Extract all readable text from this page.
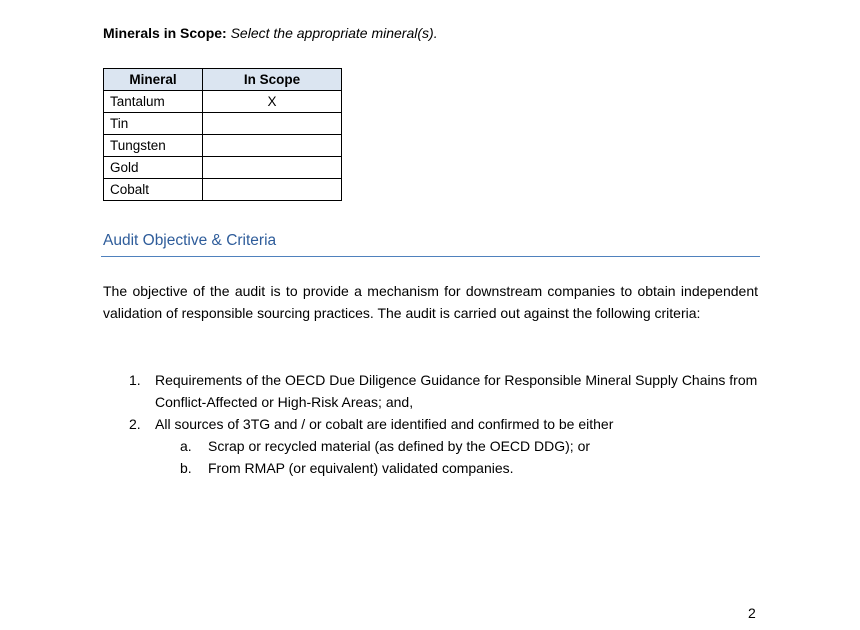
Minerals in Scope: Select the appropriate mineral(s).
Mineral	In Scope
Tantalum	X
Tin	
Tungsten	
Gold	
Cobalt	
Audit Objective & Criteria
The objective of the audit is to provide a mechanism for downstream companies to obtain independent validation of responsible sourcing practices. The audit is carried out against the following criteria:
1. Requirements of the OECD Due Diligence Guidance for Responsible Mineral Supply Chains from Conflict-Affected or High-Risk Areas; and,
2. All sources of 3TG and / or cobalt are identified and confirmed to be either
a. Scrap or recycled material (as defined by the OECD DDG); or
b. From RMAP (or equivalent) validated companies.
2
